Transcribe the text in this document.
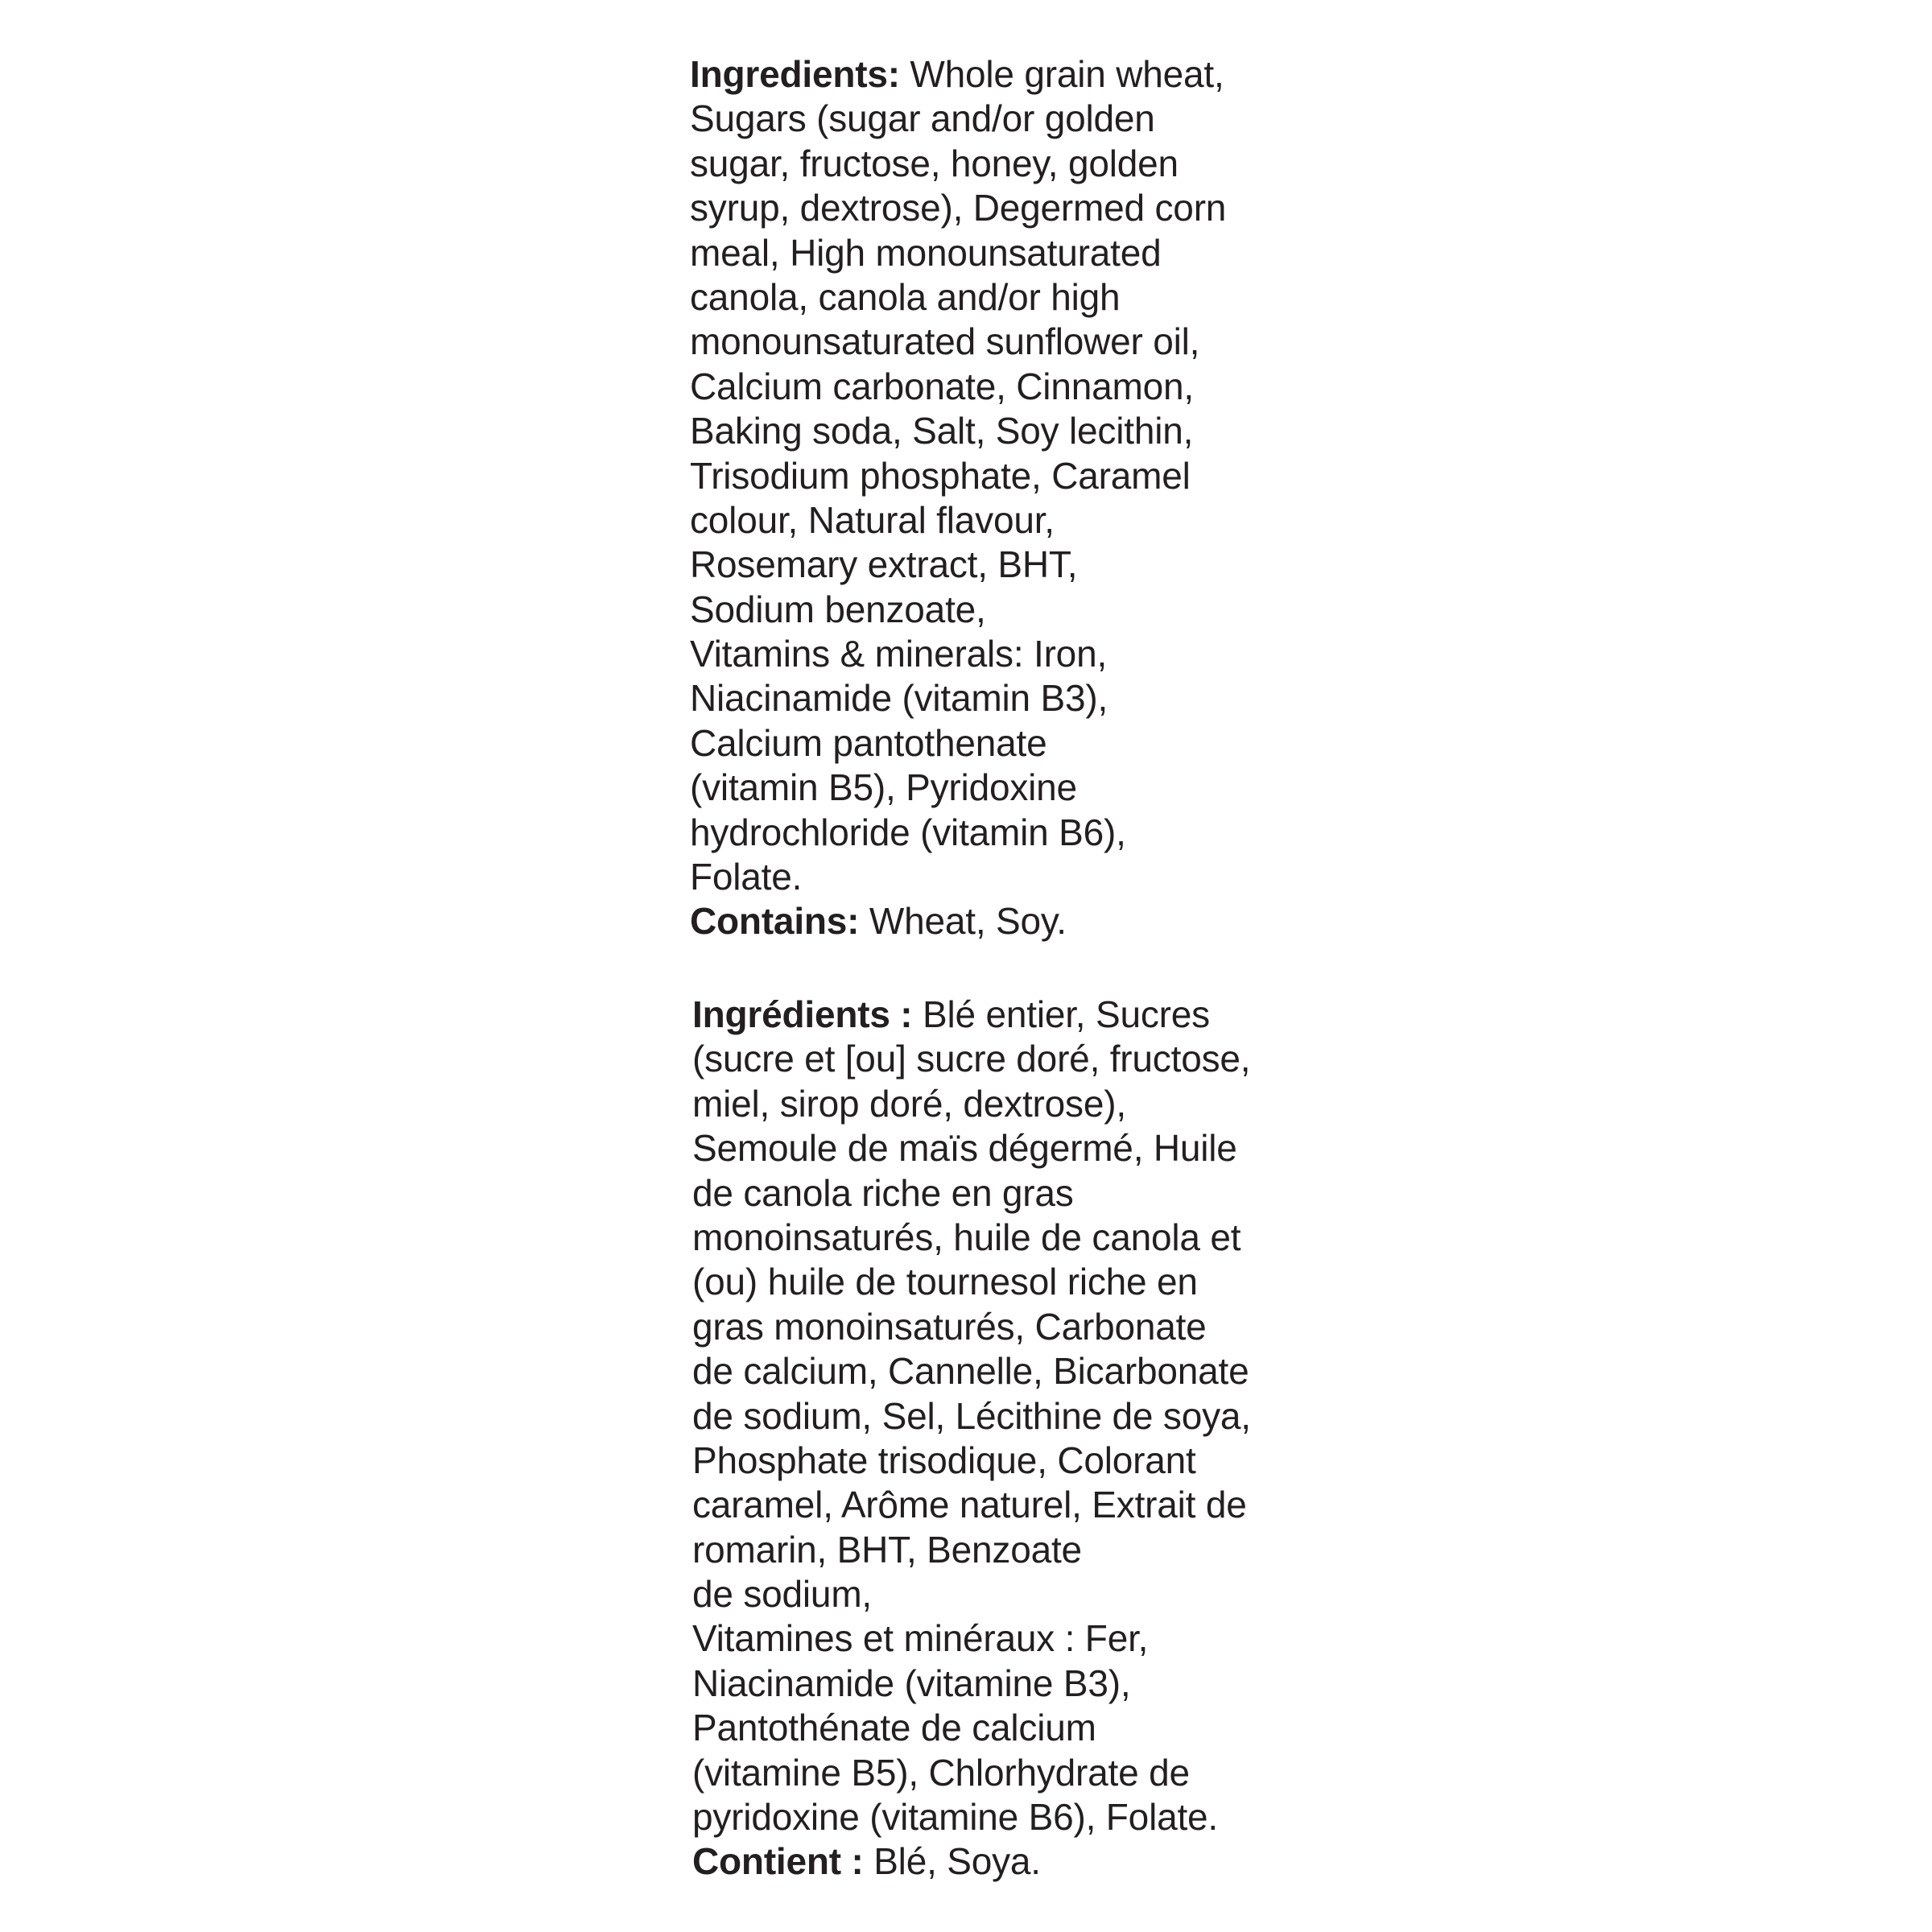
Ingredients: Whole grain wheat,
Sugars (sugar and/or golden
sugar, fructose, honey, golden
syrup, dextrose), Degermed corn
meal, High monounsaturated
canola, canola and/or high
monounsaturated sunflower oil,
Calcium carbonate, Cinnamon,
Baking soda, Salt, Soy lecithin,
Trisodium phosphate, Caramel
colour, Natural flavour,
Rosemary extract, BHT,
Sodium benzoate,
Vitamins & minerals: Iron,
Niacinamide (vitamin B3),
Calcium pantothenate
(vitamin B5), Pyridoxine
hydrochloride (vitamin B6),
Folate.
Contains: Wheat, Soy.
Ingrédients : Blé entier, Sucres
(sucre et [ou] sucre doré, fructose,
miel, sirop doré, dextrose),
Semoule de maïs dégermé, Huile
de canola riche en gras
monoinsaturés, huile de canola et
(ou) huile de tournesol riche en
gras monoinsaturés, Carbonate
de calcium, Cannelle, Bicarbonate
de sodium, Sel, Lécithine de soya,
Phosphate trisodique, Colorant
caramel, Arôme naturel, Extrait de
romarin, BHT, Benzoate
de sodium,
Vitamines et minéraux : Fer,
Niacinamide (vitamine B3),
Pantothénate de calcium
(vitamine B5), Chlorhydrate de
pyridoxine (vitamine B6), Folate.
Contient : Blé, Soya.
